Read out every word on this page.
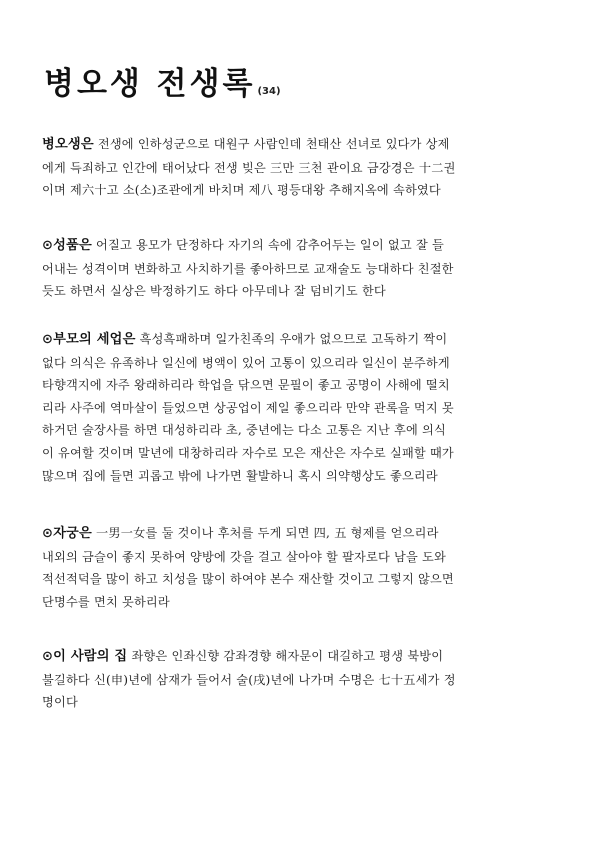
병오생 전생록 (34)
병오생은 전생에 인하성군으로 대원구 사람인데 천태산 선녀로 있다가 상제
에게 득죄하고 인간에 태어났다 전생 빚은 三만 三천 관이요 금강경은 十二권
이며 제六十고 소(소)조관에게 바치며 제八 평등대왕 추해지옥에 속하였다
⊙성품은 어질고 용모가 단정하다 자기의 속에 감추어두는 일이 없고 잘 들
어내는 성격이며 변화하고 사치하기를 좋아하므로 교재술도 능대하다 친절한
듯도 하면서 실상은 박정하기도 하다 아무데나 잘 덤비기도 한다
⊙부모의 세업은 흑성흑패하며 일가친족의 우애가 없으므로 고독하기 짝이
없다 의식은 유족하나 일신에 병액이 있어 고통이 있으리라 일신이 분주하게
타향객지에 자주 왕래하리라 학업을 닦으면 문필이 좋고 공명이 사해에 떨치
리라 사주에 역마살이 들었으면 상공업이 제일 좋으리라 만약 관록을 먹지 못
하거던 술장사를 하면 대성하리라 초, 중년에는 다소 고통은 지난 후에 의식
이 유여할 것이며 말년에 대창하리라 자수로 모은 재산은 자수로 실패할 때가
많으며 집에 들면 괴롭고 밖에 나가면 활발하니 혹시 의약행상도 좋으리라
⊙자궁은 一男一女를 둘 것이나 후처를 두게 되면 四, 五 형제를 얻으리라
내외의 금슬이 좋지 못하여 양방에 갓을 걸고 살아야 할 팔자로다 남을 도와
적선적덕을 많이 하고 치성을 많이 하여야 본수 재산할 것이고 그렇지 않으면
단명수를 면치 못하리라
⊙이 사람의 집 좌향은 인좌신향 감좌경향 해자문이 대길하고 평생 북방이
불길하다 신(申)년에 삼재가 들어서 술(戌)년에 나가며 수명은 七十五세가 정
명이다
